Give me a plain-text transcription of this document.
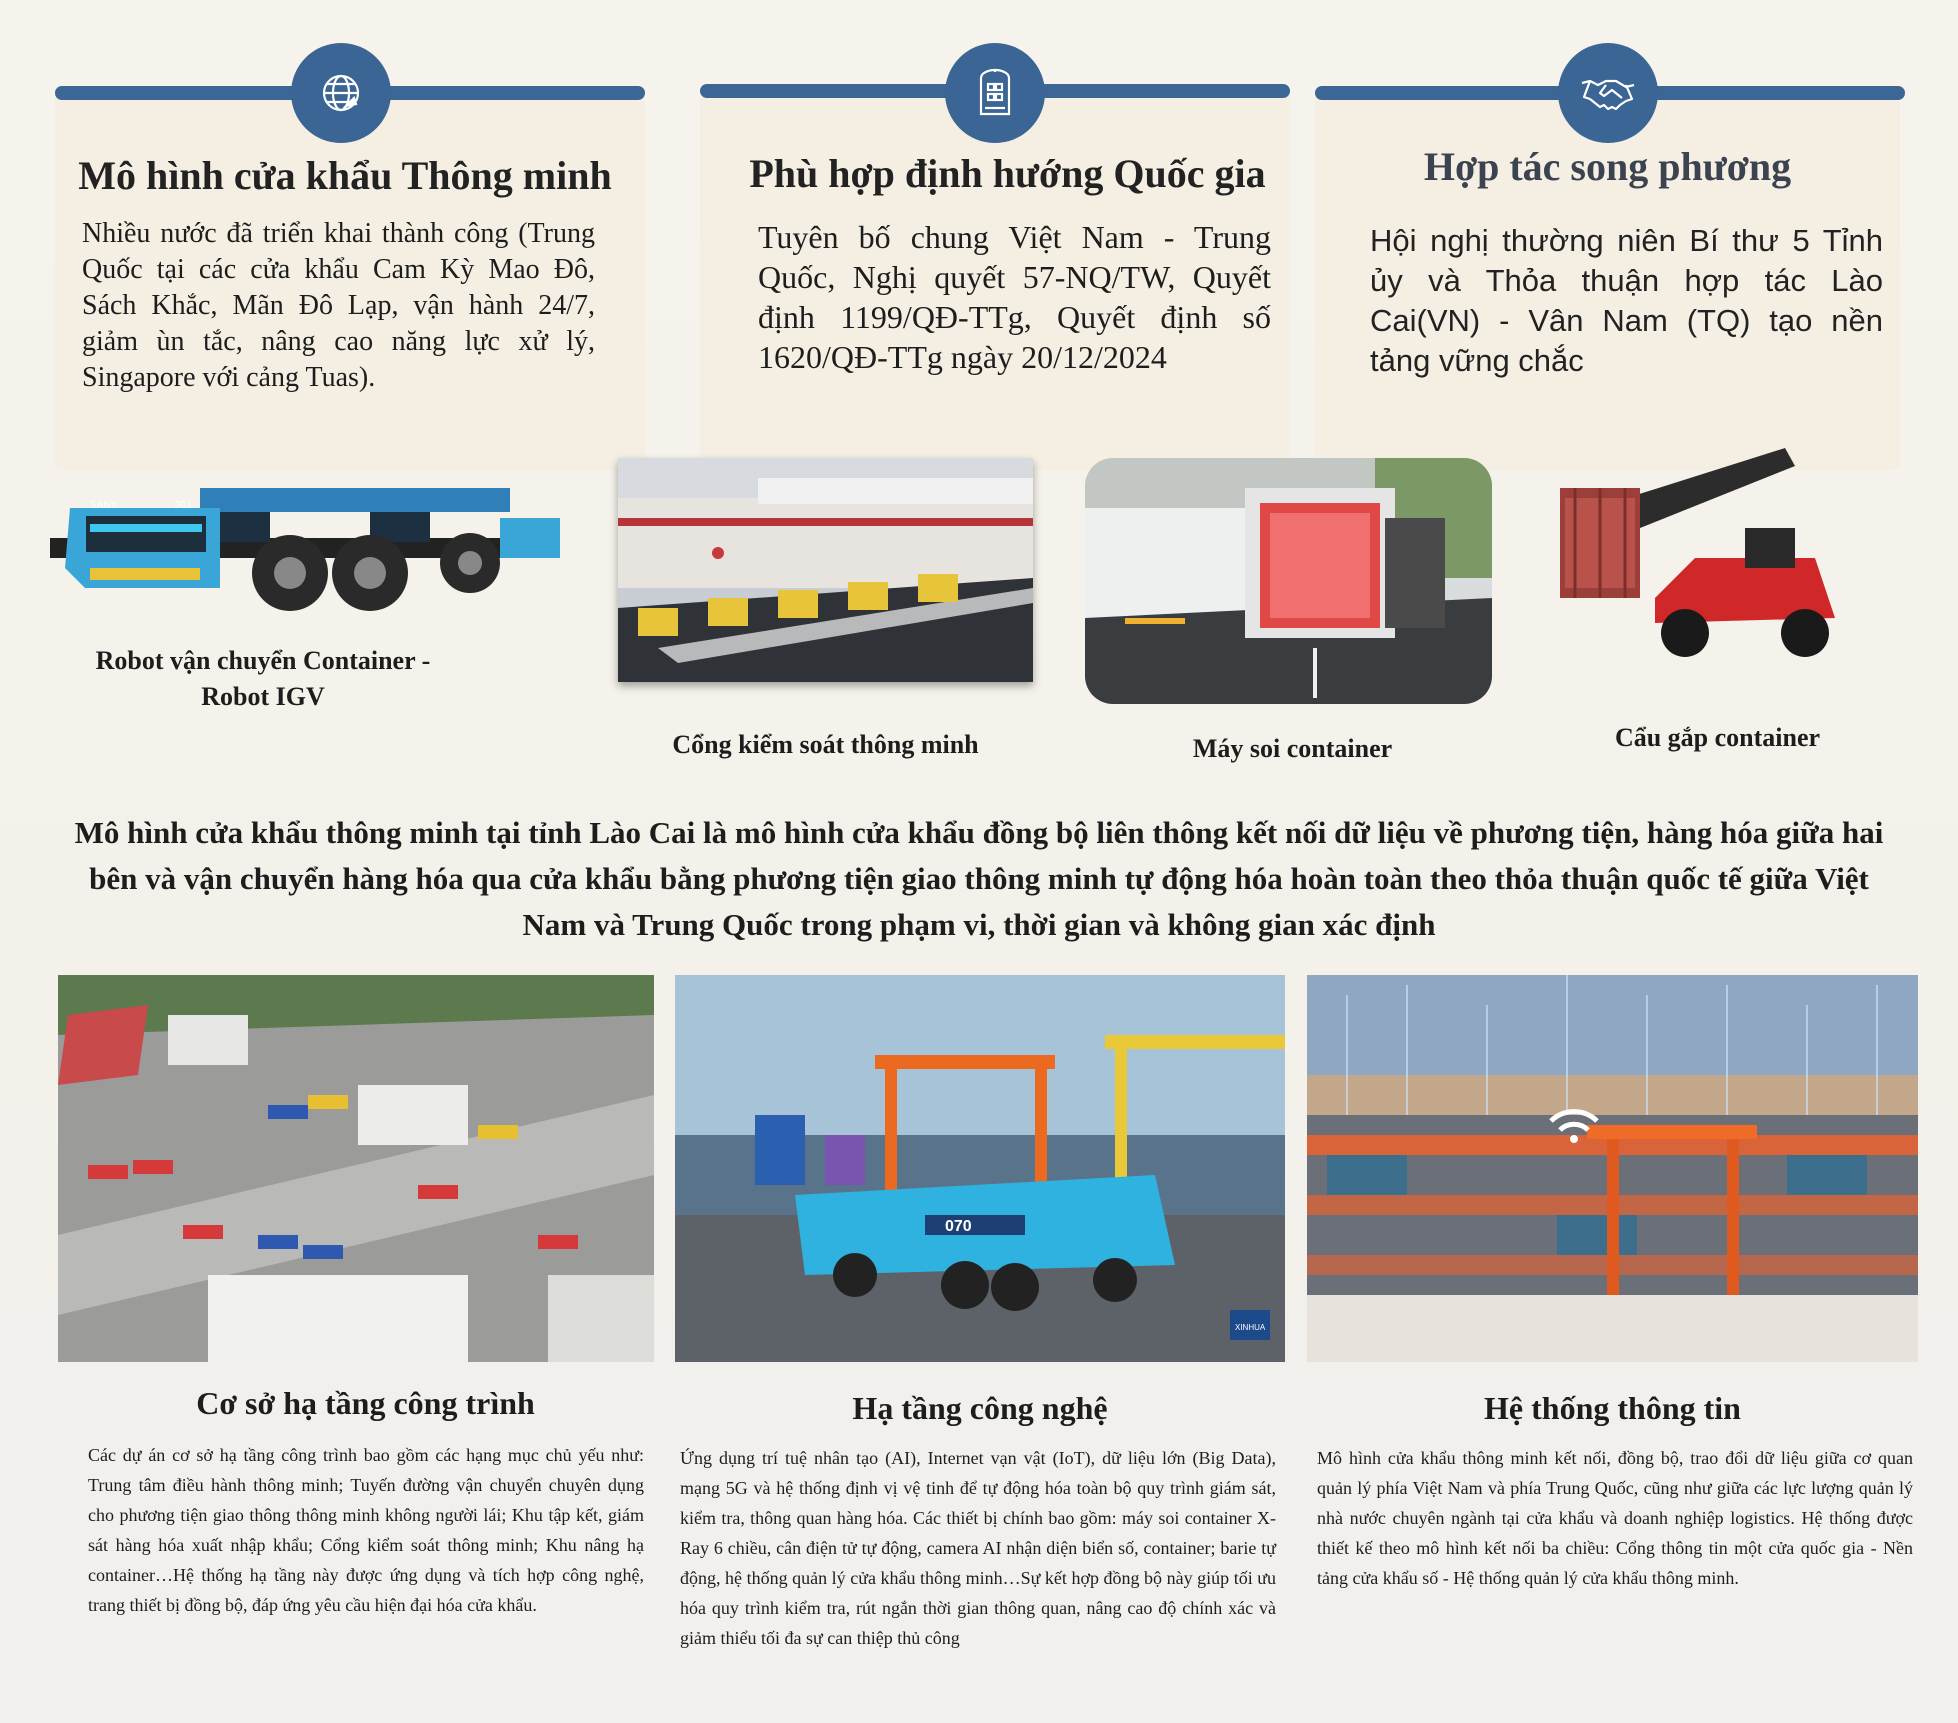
Mô hình cửa khẩu Thông minh	Phù hợp định hướng Quốc gia	Hợp tác song phương
Nhiều nước đã triển khai thành công (Trung Quốc tại các cửa khẩu Cam Kỳ Mao Đô, Sách Khắc, Mãn Đô Lạp, vận hành 24/7, giảm ùn tắc, nâng cao năng lực xử lý, Singapore với cảng Tuas).
Tuyên bố chung Việt Nam - Trung Quốc, Nghị quyết 57-NQ/TW, Quyết định 1199/QĐ-TTg, Quyết định số 1620/QĐ-TTg ngày 20/12/2024
Hội nghị thường niên Bí thư 5 Tỉnh ủy và Thỏa thuận hợp tác Lào Cai(VN) - Vân Nam (TQ) tạo nền tảng vững chắc
SANY	001
Robot vận chuyển Container - Robot IGV
Cổng kiểm soát thông minh	Máy soi container	Cẩu gắp container
Mô hình cửa khẩu thông minh tại tỉnh Lào Cai là mô hình cửa khẩu đồng bộ liên thông kết nối dữ liệu về phương tiện, hàng hóa giữa hai bên và vận chuyển hàng hóa qua cửa khẩu bằng phương tiện giao thông minh tự động hóa hoàn toàn theo thỏa thuận quốc tế giữa Việt Nam và Trung Quốc trong phạm vi, thời gian và không gian xác định
070
XINHUA
Cơ sở hạ tầng công trình	Hạ tầng công nghệ	Hệ thống thông tin
Các dự án cơ sở hạ tầng công trình bao gồm các hạng mục chủ yếu như: Trung tâm điều hành thông minh; Tuyến đường vận chuyển chuyên dụng cho phương tiện giao thông thông minh không người lái; Khu tập kết, giám sát hàng hóa xuất nhập khẩu; Cổng kiểm soát thông minh; Khu nâng hạ container…Hệ thống hạ tầng này được ứng dụng và tích hợp công nghệ, trang thiết bị đồng bộ, đáp ứng yêu cầu hiện đại hóa cửa khẩu.
Ứng dụng trí tuệ nhân tạo (AI), Internet vạn vật (IoT), dữ liệu lớn (Big Data), mạng 5G và hệ thống định vị vệ tinh để tự động hóa toàn bộ quy trình giám sát, kiểm tra, thông quan hàng hóa. Các thiết bị chính bao gồm: máy soi container X-Ray 6 chiều, cân điện tử tự động, camera AI nhận diện biển số, container; barie tự động, hệ thống quản lý cửa khẩu thông minh…Sự kết hợp đồng bộ này giúp tối ưu hóa quy trình kiểm tra, rút ngắn thời gian thông quan, nâng cao độ chính xác và giảm thiểu tối đa sự can thiệp thủ công
Mô hình cửa khẩu thông minh kết nối, đồng bộ, trao đổi dữ liệu giữa cơ quan quản lý phía Việt Nam và phía Trung Quốc, cũng như giữa các lực lượng quản lý nhà nước chuyên ngành tại cửa khẩu và doanh nghiệp logistics. Hệ thống được thiết kế theo mô hình kết nối ba chiều: Cổng thông tin một cửa quốc gia - Nền tảng cửa khẩu số - Hệ thống quản lý cửa khẩu thông minh.
